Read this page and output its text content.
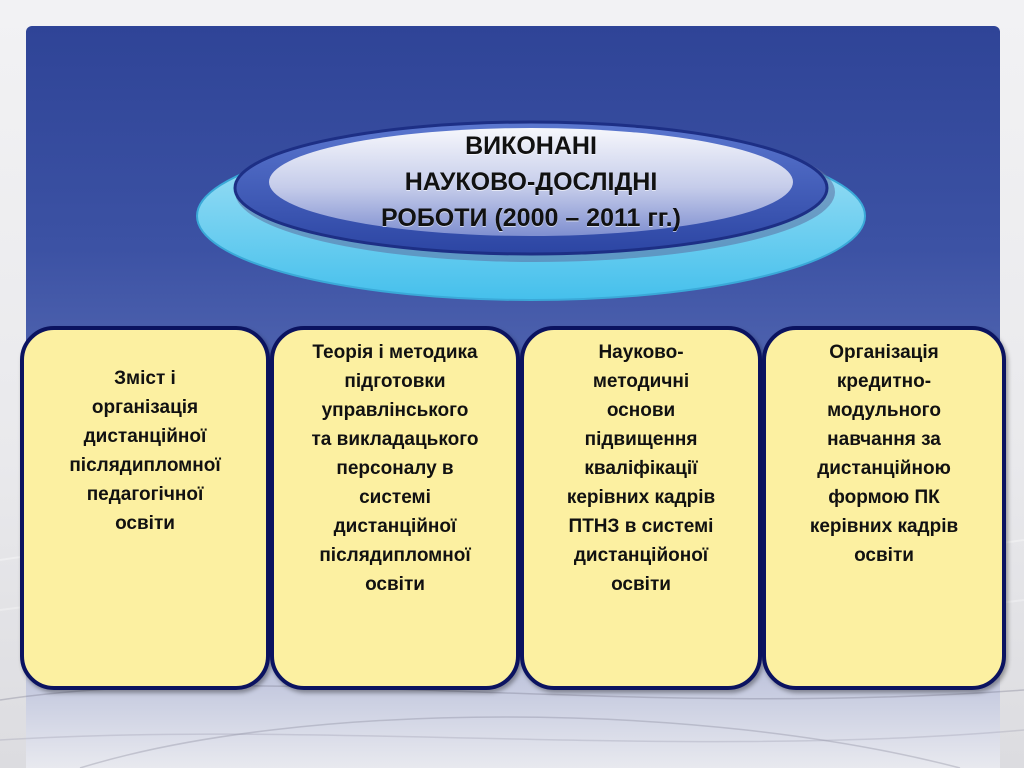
ВИКОНАНІ
НАУКОВО-ДОСЛІДНІ
РОБОТИ (2000 – 2011 гг.)
Зміст і
організація
дистанційної
післядипломної
педагогічної
освіти
Теорія і методика
підготовки
управлінського
та викладацького
персоналу в
системі
дистанційної
післядипломної
освіти
Науково-
методичні
основи
підвищення
кваліфікації
керівних кадрів
ПТНЗ в системі
дистанційоної
освіти
Організація
кредитно-
модульного
навчання за
дистанційною
формою ПК
керівних кадрів
освіти
